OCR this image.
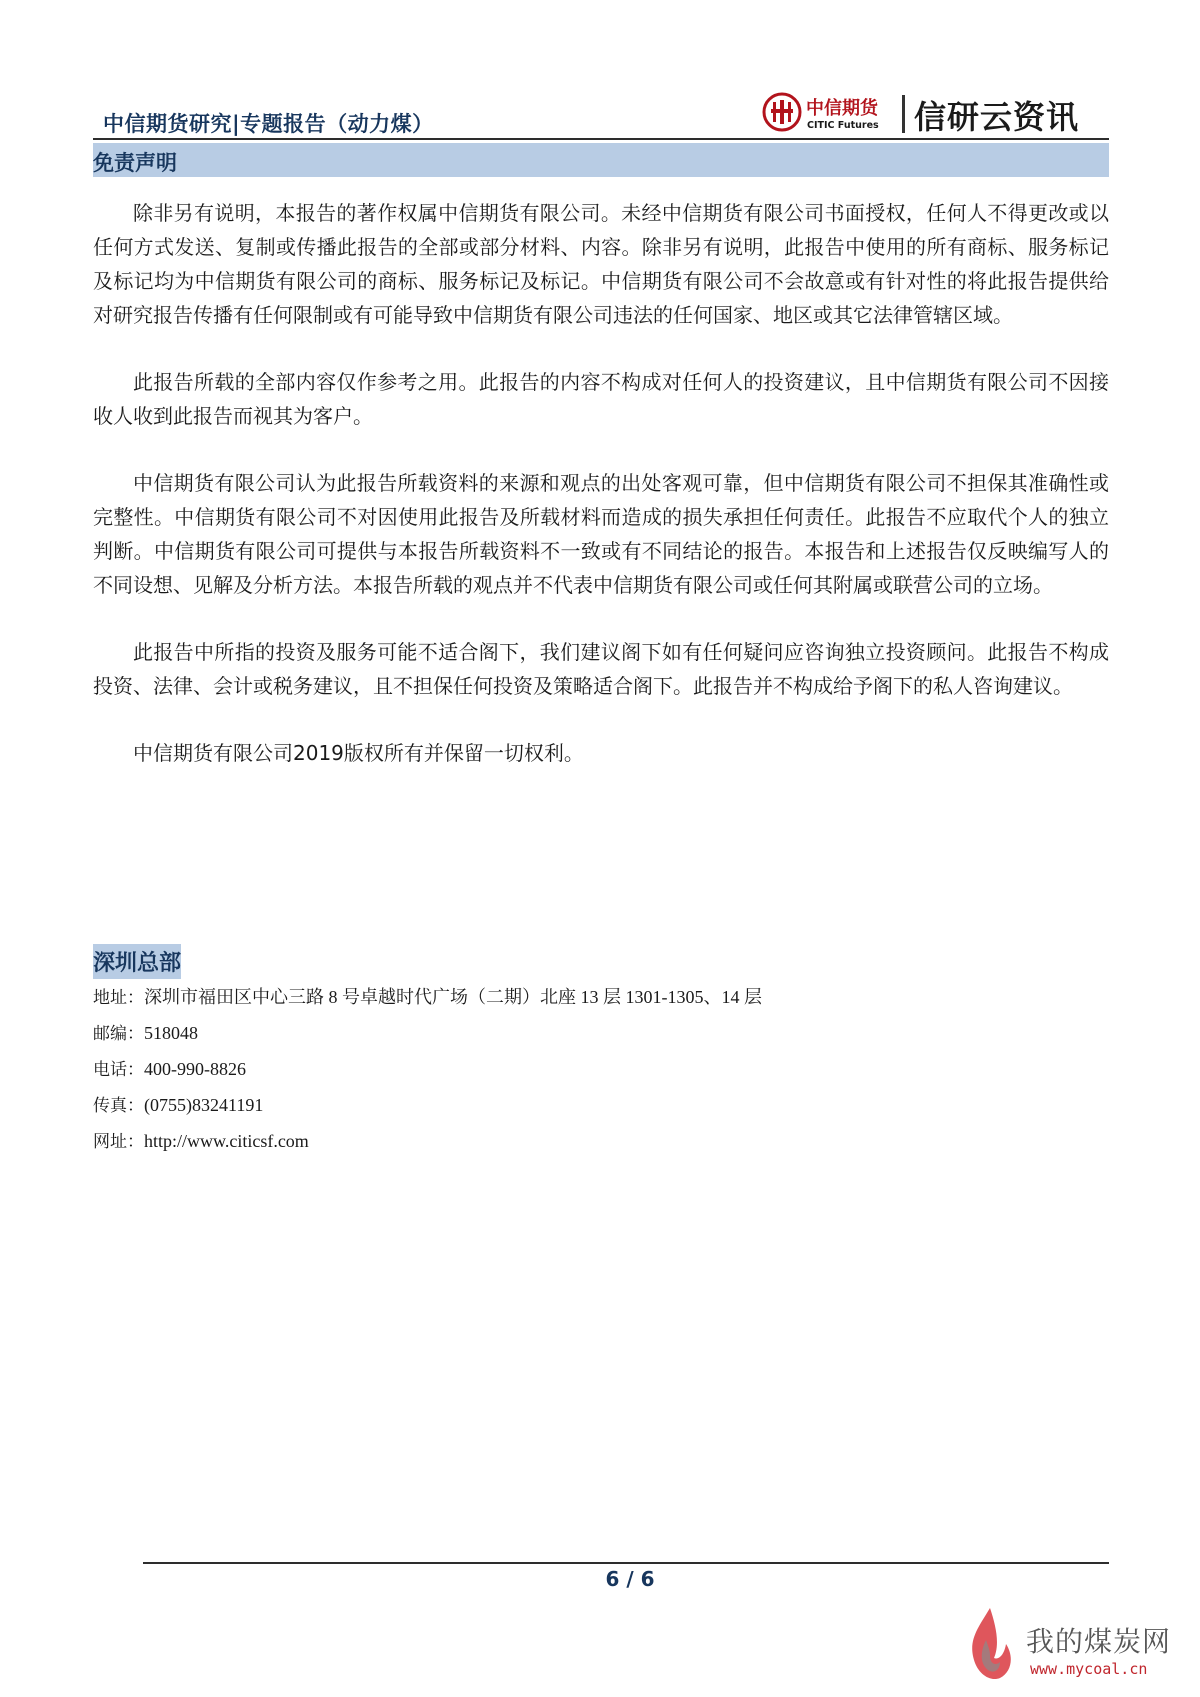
中信期货研究|专题报告（动力煤）
中信期货
CITIC Futures 信研云资讯
免责声明

除非另有说明，本报告的著作权属中信期货有限公司。未经中信期货有限公司书面授权，任何人不得更改或以任何方式发送、复制或传播此报告的全部或部分材料、内容。除非另有说明，此报告中使用的所有商标、服务标记及标记均为中信期货有限公司的商标、服务标记及标记。中信期货有限公司不会故意或有针对性的将此报告提供给对研究报告传播有任何限制或有可能导致中信期货有限公司违法的任何国家、地区或其它法律管辖区域。

此报告所载的全部内容仅作参考之用。此报告的内容不构成对任何人的投资建议，且中信期货有限公司不因接收人收到此报告而视其为客户。

中信期货有限公司认为此报告所载资料的来源和观点的出处客观可靠，但中信期货有限公司不担保其准确性或完整性。中信期货有限公司不对因使用此报告及所载材料而造成的损失承担任何责任。此报告不应取代个人的独立判断。中信期货有限公司可提供与本报告所载资料不一致或有不同结论的报告。本报告和上述报告仅反映编写人的不同设想、见解及分析方法。本报告所载的观点并不代表中信期货有限公司或任何其附属或联营公司的立场。

此报告中所指的投资及服务可能不适合阁下，我们建议阁下如有任何疑问应咨询独立投资顾问。此报告不构成投资、法律、会计或税务建议，且不担保任何投资及策略适合阁下。此报告并不构成给予阁下的私人咨询建议。

中信期货有限公司2019版权所有并保留一切权利。

深圳总部
地址：深圳市福田区中心三路 8 号卓越时代广场（二期）北座 13 层 1301-1305、14 层
邮编：518048
电话：400-990-8826
传真：(0755)83241191
网址：http://www.citicsf.com
6 / 6
我的煤炭网
www.mycoal.cn
